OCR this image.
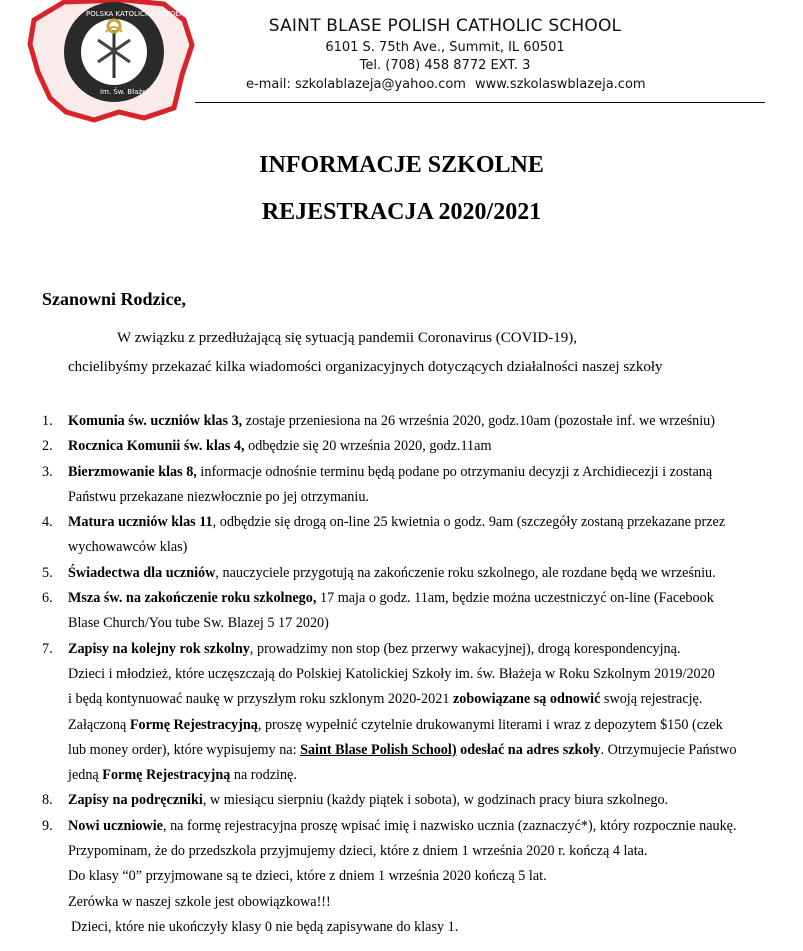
POLSKA KATOLICKA SZKOŁA
Im. Św. Błażeja
SAINT BLASE POLISH CATHOLIC SCHOOL
6101 S. 75th Ave., Summit, IL 60501
Tel. (708) 458 8772 EXT. 3
e-mail: szkolablazeja@yahoo.com www.szkolaswblazeja.com
INFORMACJE SZKOLNE
REJESTRACJA 2020/2021
Szanowni Rodzice,
W związku z przedłużającą się sytuacją pandemii Coronavirus (COVID-19),
chcielibyśmy przekazać kilka wiadomości organizacyjnych dotyczących działalności naszej szkoły
1. Komunia św. uczniów klas 3, zostaje przeniesiona na 26 września 2020, godz.10am (pozostałe inf. we wrześniu)
2. Rocznica Komunii św. klas 4, odbędzie się 20 września 2020, godz.11am
3. Bierzmowanie klas 8, informacje odnośnie terminu będą podane po otrzymaniu decyzji z Archidiecezji i zostaną
Państwu przekazane niezwłocznie po jej otrzymaniu.
4. Matura uczniów klas 11, odbędzie się drogą on-line 25 kwietnia o godz. 9am (szczegóły zostaną przekazane przez
wychowawców klas)
5. Świadectwa dla uczniów, nauczyciele przygotują na zakończenie roku szkolnego, ale rozdane będą we wrześniu.
6. Msza św. na zakończenie roku szkolnego, 17 maja o godz. 11am, będzie można uczestniczyć on-line (Facebook
Blase Church/You tube Sw. Blazej 5 17 2020)
7. Zapisy na kolejny rok szkolny, prowadzimy non stop (bez przerwy wakacyjnej), drogą korespondencyjną.
Dzieci i młodzież, które uczęszczają do Polskiej Katolickiej Szkoły im. św. Błażeja w Roku Szkolnym 2019/2020
i będą kontynuować naukę w przyszłym roku szklonym 2020-2021 zobowiązane są odnowić swoją rejestrację.
Załączoną Formę Rejestracyjną, proszę wypełnić czytelnie drukowanymi literami i wraz z depozytem $150 (czek
lub money order), które wypisujemy na: Saint Blase Polish School) odesłać na adres szkoły. Otrzymujecie Państwo
jedną Formę Rejestracyjną na rodzinę.
8. Zapisy na podręczniki, w miesiącu sierpniu (każdy piątek i sobota), w godzinach pracy biura szkolnego.
9. Nowi uczniowie, na formę rejestracyjna proszę wpisać imię i nazwisko ucznia (zaznaczyć*), który rozpocznie naukę.
Przypominam, że do przedszkola przyjmujemy dzieci, które z dniem 1 września 2020 r. kończą 4 lata.
Do klasy “0” przyjmowane są te dzieci, które z dniem 1 września 2020 kończą 5 lat.
Zerówka w naszej szkole jest obowiązkowa!!!
Dzieci, które nie ukończyły klasy 0 nie będą zapisywane do klasy 1.
